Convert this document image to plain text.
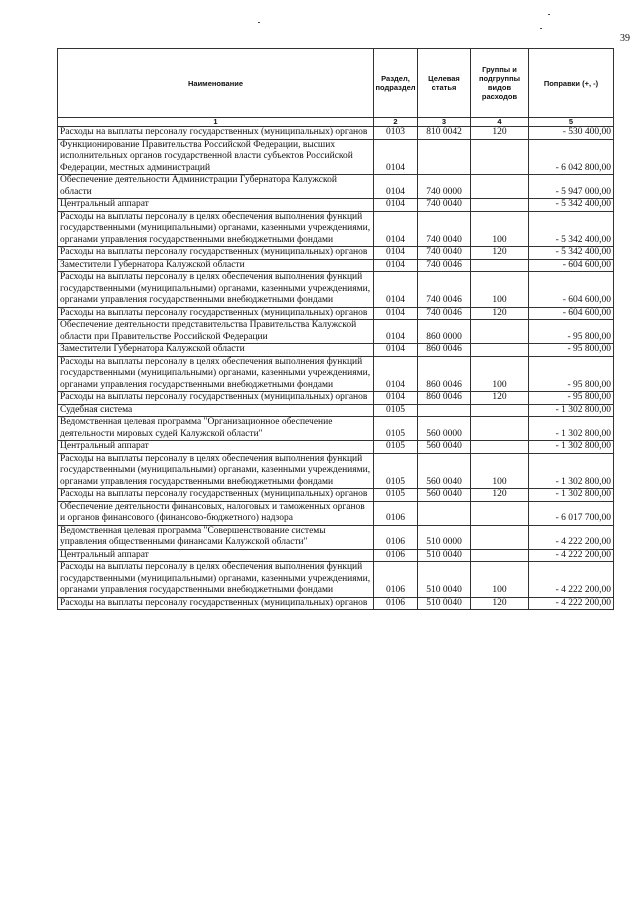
39
Наименование	Раздел, подраздел	Целевая статья	Группы и подгруппы видов расходов	Поправки (+, -)
1	2	3	4	5
Расходы на выплаты персоналу государственных (муниципальных) органов	0103	810 0042	120	- 530 400,00
Функционирование Правительства Российской Федерации, высших исполнительных органов государственной власти субъектов Российской Федерации, местных администраций	0104			- 6 042 800,00
Обеспечение деятельности Администрации Губернатора Калужской области	0104	740 0000		- 5 947 000,00
Центральный аппарат	0104	740 0040		- 5 342 400,00
Расходы на выплаты персоналу в целях обеспечения выполнения функций государственными (муниципальными) органами, казенными учреждениями, органами управления государственными внебюджетными фондами	0104	740 0040	100	- 5 342 400,00
Расходы на выплаты персоналу государственных (муниципальных) органов	0104	740 0040	120	- 5 342 400,00
Заместители Губернатора Калужской области	0104	740 0046		- 604 600,00
Расходы на выплаты персоналу в целях обеспечения выполнения функций государственными (муниципальными) органами, казенными учреждениями, органами управления государственными внебюджетными фондами	0104	740 0046	100	- 604 600,00
Расходы на выплаты персоналу государственных (муниципальных) органов	0104	740 0046	120	- 604 600,00
Обеспечение деятельности представительства Правительства Калужской области при Правительстве Российской Федерации	0104	860 0000		- 95 800,00
Заместители Губернатора Калужской области	0104	860 0046		- 95 800,00
Расходы на выплаты персоналу в целях обеспечения выполнения функций государственными (муниципальными) органами, казенными учреждениями, органами управления государственными внебюджетными фондами	0104	860 0046	100	- 95 800,00
Расходы на выплаты персоналу государственных (муниципальных) органов	0104	860 0046	120	- 95 800,00
Судебная система	0105			- 1 302 800,00
Ведомственная целевая программа "Организационное обеспечение деятельности мировых судей Калужской области"	0105	560 0000		- 1 302 800,00
Центральный аппарат	0105	560 0040		- 1 302 800,00
Расходы на выплаты персоналу в целях обеспечения выполнения функций государственными (муниципальными) органами, казенными учреждениями, органами управления государственными внебюджетными фондами	0105	560 0040	100	- 1 302 800,00
Расходы на выплаты персоналу государственных (муниципальных) органов	0105	560 0040	120	- 1 302 800,00
Обеспечение деятельности финансовых, налоговых и таможенных органов и органов финансового (финансово-бюджетного) надзора	0106			- 6 017 700,00
Ведомственная целевая программа "Совершенствование системы управления общественными финансами Калужской области"	0106	510 0000		- 4 222 200,00
Центральный аппарат	0106	510 0040		- 4 222 200,00
Расходы на выплаты персоналу в целях обеспечения выполнения функций государственными (муниципальными) органами, казенными учреждениями, органами управления государственными внебюджетными фондами	0106	510 0040	100	- 4 222 200,00
Расходы на выплаты персоналу государственных (муниципальных) органов	0106	510 0040	120	- 4 222 200,00
